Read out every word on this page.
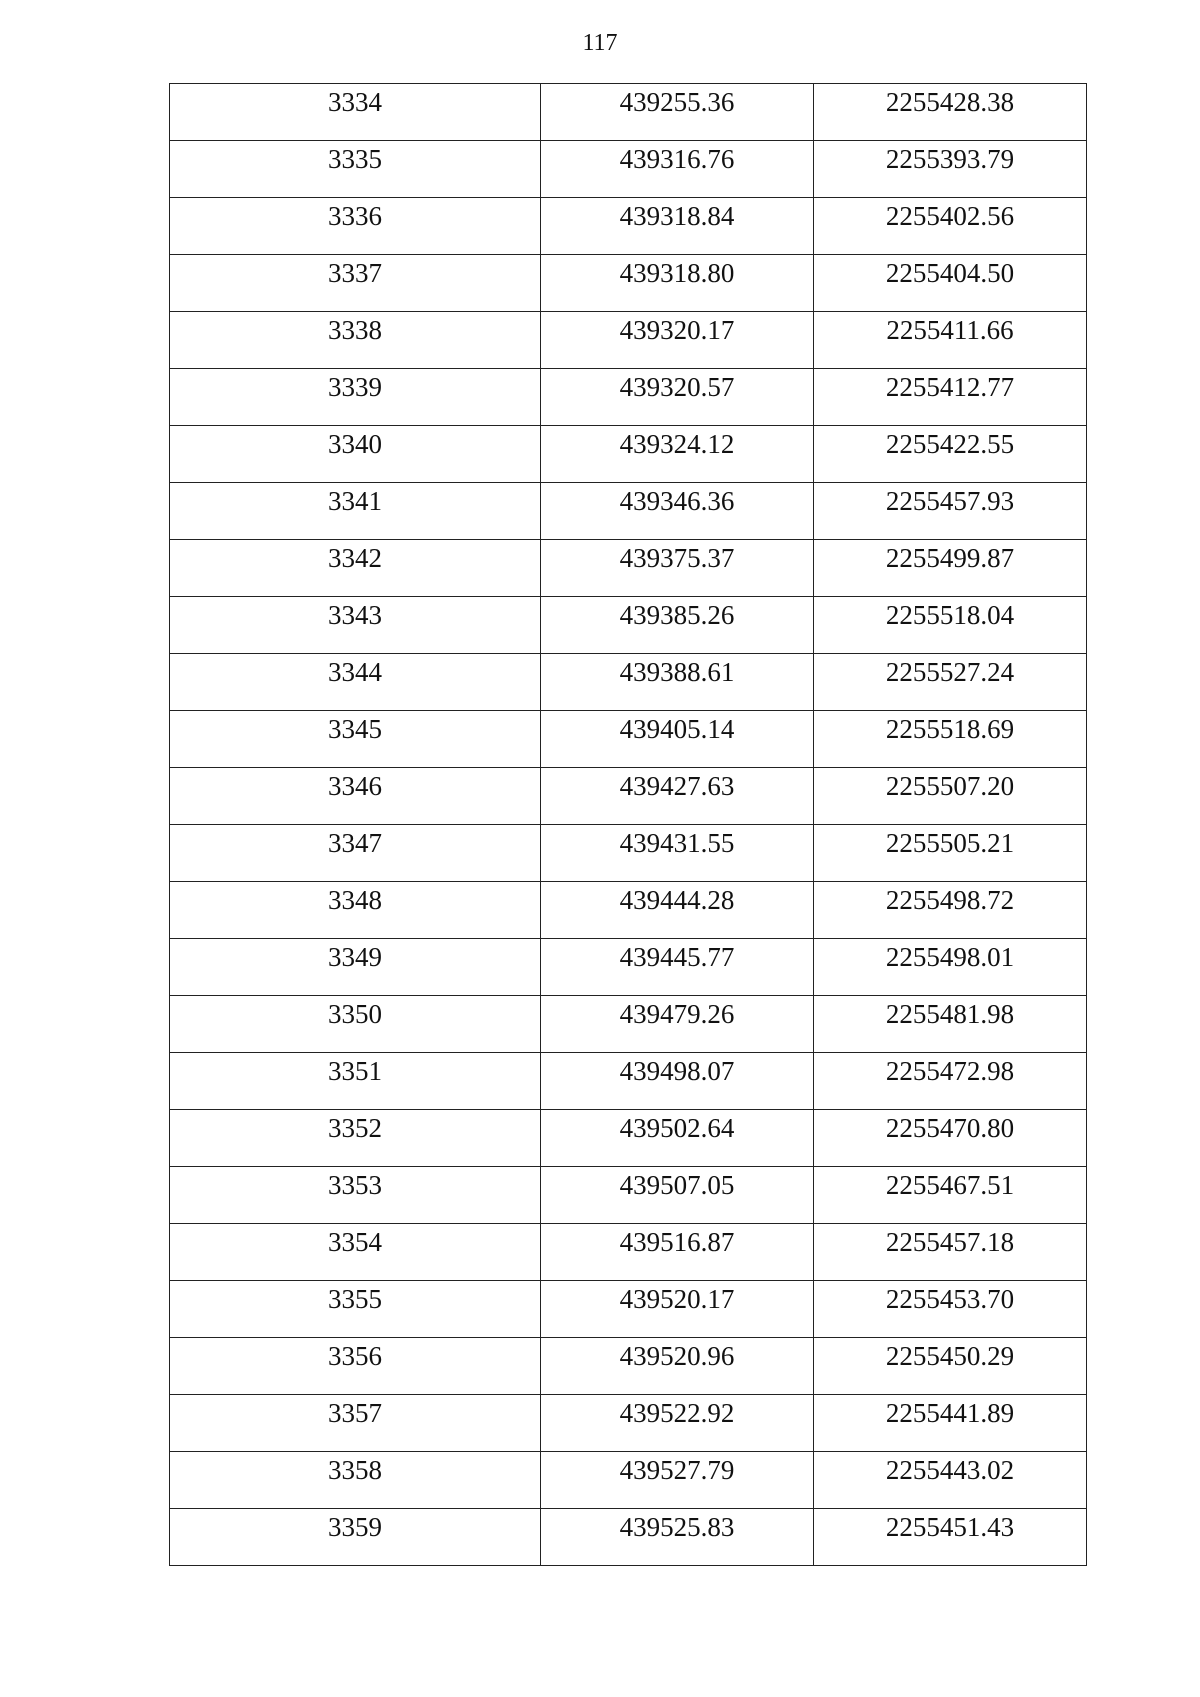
117
3334	439255.36	2255428.38
3335	439316.76	2255393.79
3336	439318.84	2255402.56
3337	439318.80	2255404.50
3338	439320.17	2255411.66
3339	439320.57	2255412.77
3340	439324.12	2255422.55
3341	439346.36	2255457.93
3342	439375.37	2255499.87
3343	439385.26	2255518.04
3344	439388.61	2255527.24
3345	439405.14	2255518.69
3346	439427.63	2255507.20
3347	439431.55	2255505.21
3348	439444.28	2255498.72
3349	439445.77	2255498.01
3350	439479.26	2255481.98
3351	439498.07	2255472.98
3352	439502.64	2255470.80
3353	439507.05	2255467.51
3354	439516.87	2255457.18
3355	439520.17	2255453.70
3356	439520.96	2255450.29
3357	439522.92	2255441.89
3358	439527.79	2255443.02
3359	439525.83	2255451.43
